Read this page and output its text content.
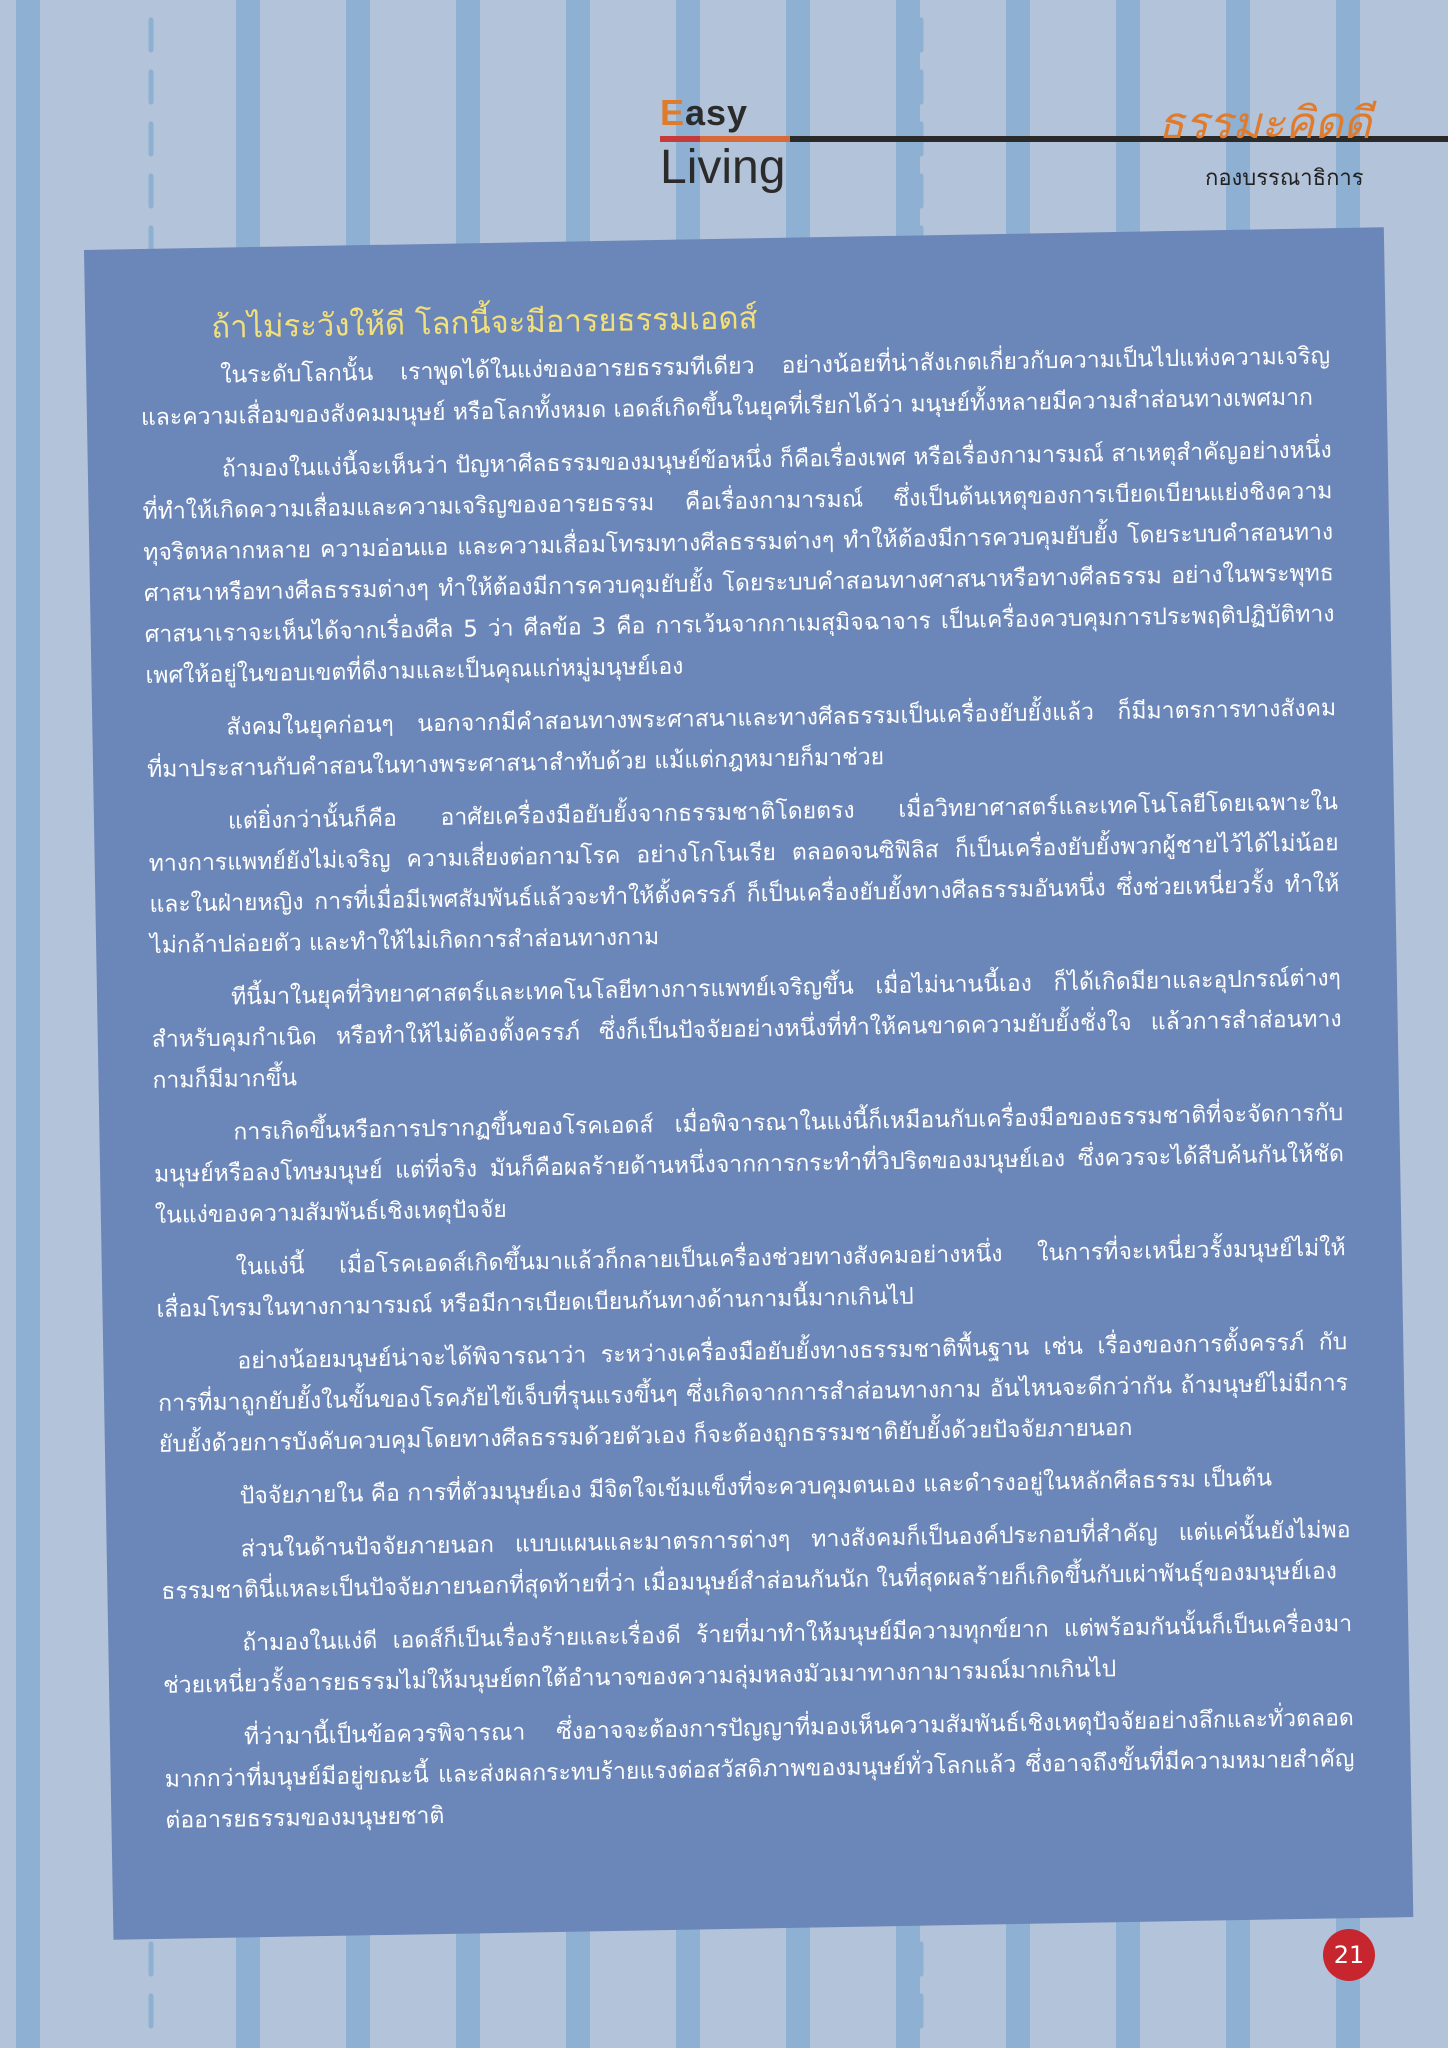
Easy
Living
ธรรมะคิดดี
กองบรรณาธิการ
ถ้าไม่ระวังให้ดี โลกนี้จะมีอารยธรรมเอดส์

ในระดับโลกนั้น เราพูดได้ในแง่ของอารยธรรมทีเดียว อย่างน้อยที่น่าสังเกตเกี่ยวกับความเป็นไปแห่งความเจริญและความเสื่อมของสังคมมนุษย์ หรือโลกทั้งหมด เอดส์เกิดขึ้นในยุคที่เรียกได้ว่า มนุษย์ทั้งหลายมีความสำส่อนทางเพศมาก

ถ้ามองในแง่นี้จะเห็นว่า ปัญหาศีลธรรมของมนุษย์ข้อหนึ่ง ก็คือเรื่องเพศ หรือเรื่องกามารมณ์ สาเหตุสำคัญอย่างหนึ่งที่ทำให้เกิดความเสื่อมและความเจริญของอารยธรรม คือเรื่องกามารมณ์ ซึ่งเป็นต้นเหตุของการเบียดเบียนแย่งชิงความทุจริตหลากหลาย ความอ่อนแอ และความเสื่อมโทรมทางศีลธรรมต่างๆ ทำให้ต้องมีการควบคุมยับยั้ง โดยระบบคำสอนทางศาสนาหรือทางศีลธรรมต่างๆ ทำให้ต้องมีการควบคุมยับยั้ง โดยระบบคำสอนทางศาสนาหรือทางศีลธรรม อย่างในพระพุทธศาสนาเราจะเห็นได้จากเรื่องศีล 5 ว่า ศีลข้อ 3 คือ การเว้นจากกาเมสุมิจฉาจาร เป็นเครื่องควบคุมการประพฤติปฏิบัติทางเพศให้อยู่ในขอบเขตที่ดีงามและเป็นคุณแก่หมู่มนุษย์เอง

สังคมในยุคก่อนๆ นอกจากมีคำสอนทางพระศาสนาและทางศีลธรรมเป็นเครื่องยับยั้งแล้ว ก็มีมาตรการทางสังคมที่มาประสานกับคำสอนในทางพระศาสนาสำทับด้วย แม้แต่กฎหมายก็มาช่วย

แต่ยิ่งกว่านั้นก็คือ อาศัยเครื่องมือยับยั้งจากธรรมชาติโดยตรง เมื่อวิทยาศาสตร์และเทคโนโลยีโดยเฉพาะในทางการแพทย์ยังไม่เจริญ ความเสี่ยงต่อกามโรค อย่างโกโนเรีย ตลอดจนซิฟิลิส ก็เป็นเครื่องยับยั้งพวกผู้ชายไว้ได้ไม่น้อย และในฝ่ายหญิง การที่เมื่อมีเพศสัมพันธ์แล้วจะทำให้ตั้งครรภ์ ก็เป็นเครื่องยับยั้งทางศีลธรรมอันหนึ่ง ซึ่งช่วยเหนี่ยวรั้ง ทำให้ไม่กล้าปล่อยตัว และทำให้ไม่เกิดการสำส่อนทางกาม

ทีนี้มาในยุคที่วิทยาศาสตร์และเทคโนโลยีทางการแพทย์เจริญขึ้น เมื่อไม่นานนี้เอง ก็ได้เกิดมียาและอุปกรณ์ต่างๆ สำหรับคุมกำเนิด หรือทำให้ไม่ต้องตั้งครรภ์ ซึ่งก็เป็นปัจจัยอย่างหนึ่งที่ทำให้คนขาดความยับยั้งชั่งใจ แล้วการสำส่อนทางกามก็มีมากขึ้น

การเกิดขึ้นหรือการปรากฏขึ้นของโรคเอดส์ เมื่อพิจารณาในแง่นี้ก็เหมือนกับเครื่องมือของธรรมชาติที่จะจัดการกับมนุษย์หรือลงโทษมนุษย์ แต่ที่จริง มันก็คือผลร้ายด้านหนึ่งจากการกระทำที่วิปริตของมนุษย์เอง ซึ่งควรจะได้สืบค้นกันให้ชัด ในแง่ของความสัมพันธ์เชิงเหตุปัจจัย

ในแง่นี้ เมื่อโรคเอดส์เกิดขึ้นมาแล้วก็กลายเป็นเครื่องช่วยทางสังคมอย่างหนึ่ง ในการที่จะเหนี่ยวรั้งมนุษย์ไม่ให้เสื่อมโทรมในทางกามารมณ์ หรือมีการเบียดเบียนกันทางด้านกามนี้มากเกินไป

อย่างน้อยมนุษย์น่าจะได้พิจารณาว่า ระหว่างเครื่องมือยับยั้งทางธรรมชาติพื้นฐาน เช่น เรื่องของการตั้งครรภ์ กับการที่มาถูกยับยั้งในขั้นของโรคภัยไข้เจ็บที่รุนแรงขึ้นๆ ซึ่งเกิดจากการสำส่อนทางกาม อันไหนจะดีกว่ากัน ถ้ามนุษย์ไม่มีการยับยั้งด้วยการบังคับควบคุมโดยทางศีลธรรมด้วยตัวเอง ก็จะต้องถูกธรรมชาติยับยั้งด้วยปัจจัยภายนอก

ปัจจัยภายใน คือ การที่ตัวมนุษย์เอง มีจิตใจเข้มแข็งที่จะควบคุมตนเอง และดำรงอยู่ในหลักศีลธรรม เป็นต้น

ส่วนในด้านปัจจัยภายนอก แบบแผนและมาตรการต่างๆ ทางสังคมก็เป็นองค์ประกอบที่สำคัญ แต่แค่นั้นยังไม่พอ ธรรมชาตินี่แหละเป็นปัจจัยภายนอกที่สุดท้ายที่ว่า เมื่อมนุษย์สำส่อนกันนัก ในที่สุดผลร้ายก็เกิดขึ้นกับเผ่าพันธุ์ของมนุษย์เอง

ถ้ามองในแง่ดี เอดส์ก็เป็นเรื่องร้ายและเรื่องดี ร้ายที่มาทำให้มนุษย์มีความทุกข์ยาก แต่พร้อมกันนั้นก็เป็นเครื่องมาช่วยเหนี่ยวรั้งอารยธรรมไม่ให้มนุษย์ตกใต้อำนาจของความลุ่มหลงมัวเมาทางกามารมณ์มากเกินไป

ที่ว่ามานี้เป็นข้อควรพิจารณา ซึ่งอาจจะต้องการปัญญาที่มองเห็นความสัมพันธ์เชิงเหตุปัจจัยอย่างลึกและทั่วตลอด มากกว่าที่มนุษย์มีอยู่ขณะนี้ และส่งผลกระทบร้ายแรงต่อสวัสดิภาพของมนุษย์ทั่วโลกแล้ว ซึ่งอาจถึงขั้นที่มีความหมายสำคัญต่ออารยธรรมของมนุษยชาติ

21
